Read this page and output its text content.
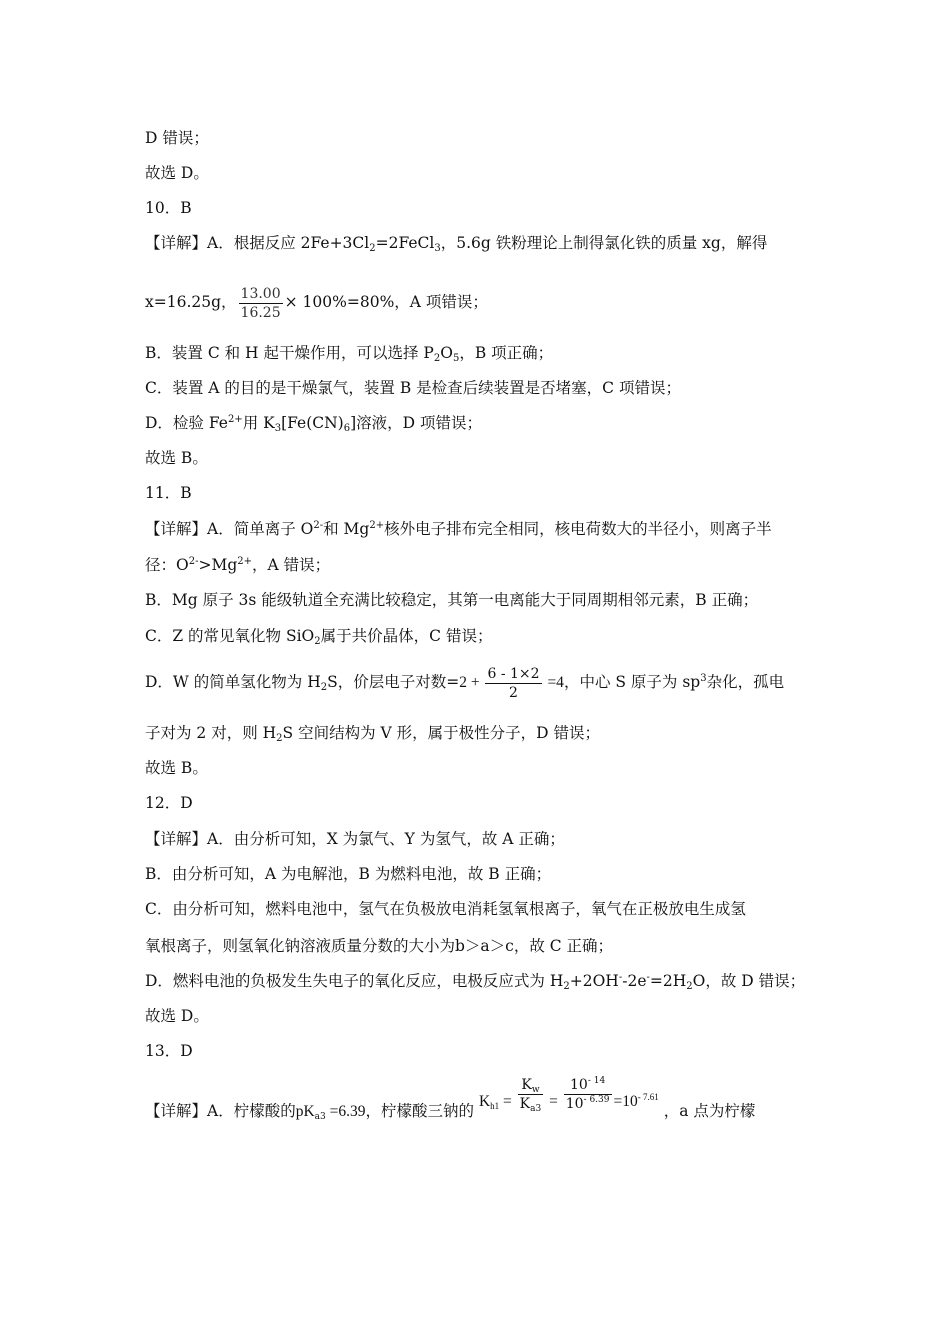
D 错误；
故选 D。
10．B
【详解】A．根据反应 $2Fe+3Cl_2=2FeCl_3$，5.6g 铁粉理论上制得氯化铁的质量 xg，解得
x=16.25g， $\frac{13.00}{16.25} \times 100\%=80\%$，A 项错误；
B．装置 C 和 H 起干燥作用，可以选择 $P_2O_5$，B 项正确；
C．装置 A 的目的是干燥氯气，装置 B 是检查后续装置是否堵塞，C 项错误；
D．检验 $Fe^{2+}$用 $K_3[Fe(CN)_6]$溶液，D 项错误；
故选 B。
11．B
【详解】A．简单离子 $O^{2-}$和 $Mg^{2+}$核外电子排布完全相同，核电荷数大的半径小，则离子半
径：$O^{2-}>Mg^{2+}$，A 错误；
B．Mg 原子 3s 能级轨道全充满比较稳定，其第一电离能大于同周期相邻元素，B 正确；
C．Z 的常见氧化物 SiO$_2$属于共价晶体，C 错误；
D．W 的简单氢化物为 $H_2S$，价层电子对数$=2 + \frac{6 - 1\times 2}{2} =4$，中心 S 原子为 $sp^3$杂化，孤电
子对为 2 对，则 $H_2S$ 空间结构为 V 形，属于极性分子，D 错误；
故选 B。
12．D
【详解】A．由分析可知，X 为氯气、Y 为氢气，故 A 正确；
B．由分析可知，A 为电解池，B 为燃料电池，故 B 正确；
C．由分析可知，燃料电池中，氢气在负极放电消耗氢氧根离子，氧气在正极放电生成氢
氧根离子，则氢氧化钠溶液质量分数的大小为b＞a＞c，故 C 正确；
D．燃料电池的负极发生失电子的氧化反应，电极反应式为 $H_2+2OH^--2e^-=2H_2O$，故 D 错误；
故选 D。
13．D
【详解】A．柠檬酸的$pK_{a3} =6.39$，柠檬酸三钠的 $K_{h1} = \frac{K_w}{K_{a3}} = \frac{10^{- 14}}{10^{- 6.39}} =10^{- 7.61}$ ，a 点为柠檬
